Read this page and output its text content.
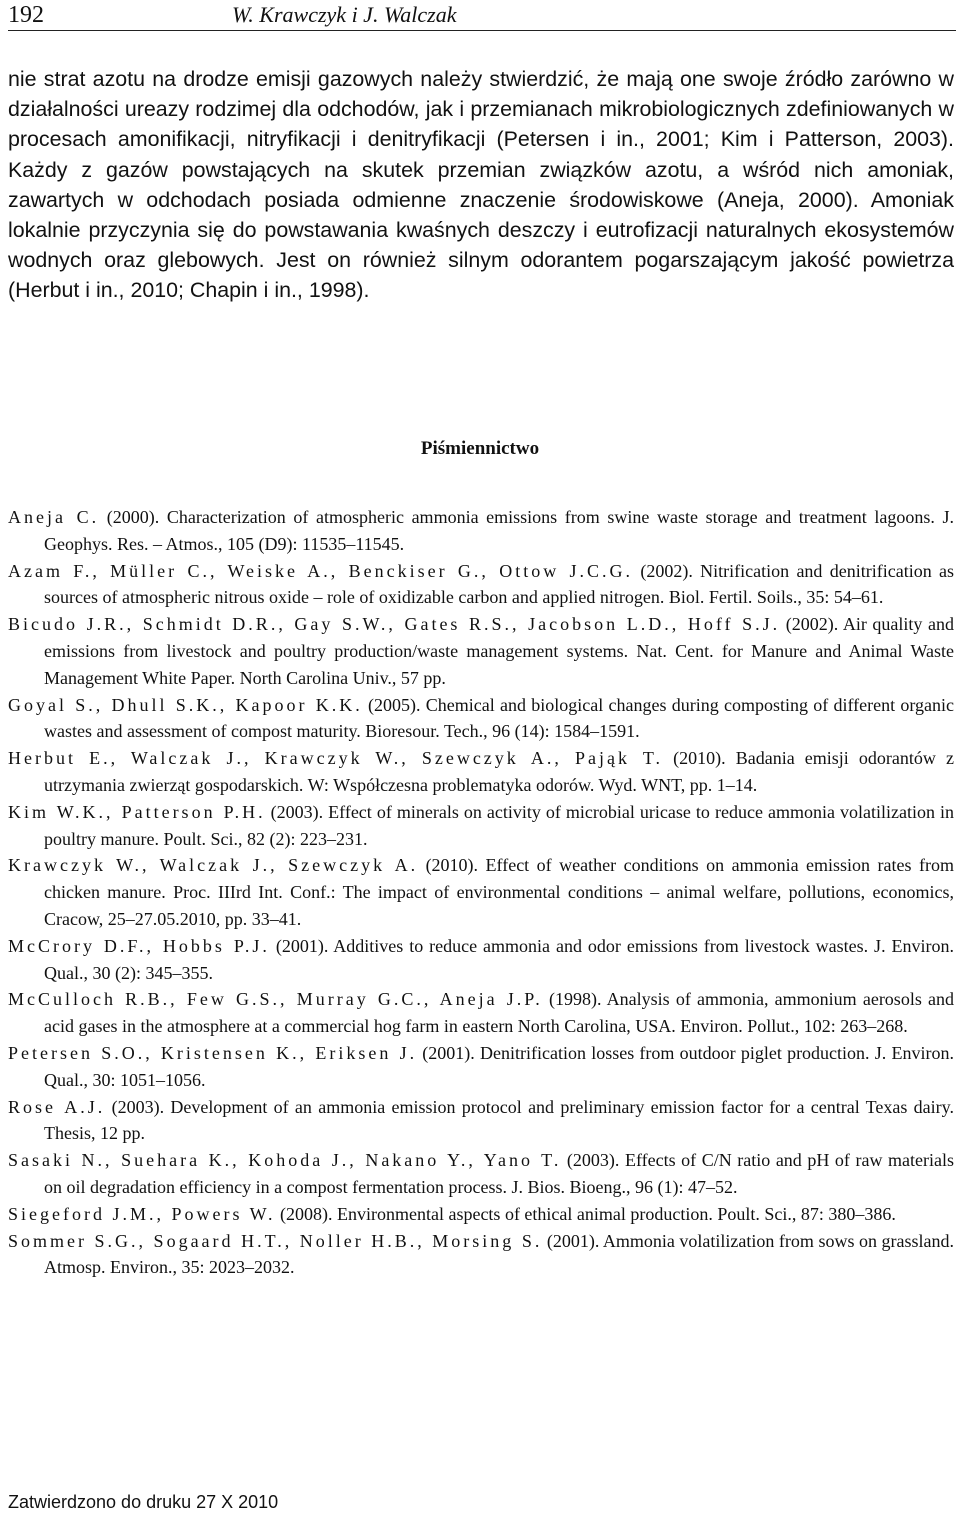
192	W. Krawczyk i J. Walczak

nie strat azotu na drodze emisji gazowych należy stwierdzić, że mają one swoje źródło zarówno w działalności ureazy rodzimej dla odchodów, jak i przemianach mikrobiologicznych zdefiniowanych w procesach amonifikacji, nitryfikacji i denitryfikacji (Petersen i in., 2001; Kim i Patterson, 2003). Każdy z gazów powstających na skutek przemian związków azotu, a wśród nich amoniak, zawartych w odchodach posiada odmienne znaczenie środowiskowe (Aneja, 2000). Amoniak lokalnie przyczynia się do powstawania kwaśnych deszczy i eutrofizacji naturalnych ekosystemów wodnych oraz glebowych. Jest on również silnym odorantem pogarszającym jakość powietrza (Herbut i in., 2010; Chapin i in., 1998).

Piśmiennictwo
Aneja C. (2000). Characterization of atmospheric ammonia emissions from swine waste storage and treatment lagoons. J. Geophys. Res. – Atmos., 105 (D9): 11535–11545.
Azam F., Müller C., Weiske A., Benckiser G., Ottow J.C.G. (2002). Nitrification and denitrification as sources of atmospheric nitrous oxide – role of oxidizable carbon and applied nitrogen. Biol. Fertil. Soils., 35: 54–61.
Bicudo J.R., Schmidt D.R., Gay S.W., Gates R.S., Jacobson L.D., Hoff S.J. (2002). Air quality and emissions from livestock and poultry production/waste management systems. Nat. Cent. for Manure and Animal Waste Management White Paper. North Carolina Univ., 57 pp.
Goyal S., Dhull S.K., Kapoor K.K. (2005). Chemical and biological changes during composting of different organic wastes and assessment of compost maturity. Bioresour. Tech., 96 (14): 1584–1591.
Herbut E., Walczak J., Krawczyk W., Szewczyk A., Pająk T. (2010). Badania emisji odorantów z utrzymania zwierząt gospodarskich. W: Współczesna problematyka odorów. Wyd. WNT, pp. 1–14.
Kim W.K., Patterson P.H. (2003). Effect of minerals on activity of microbial uricase to reduce ammonia volatilization in poultry manure. Poult. Sci., 82 (2): 223–231.
Krawczyk W., Walczak J., Szewczyk A. (2010). Effect of weather conditions on ammonia emission rates from chicken manure. Proc. IIIrd Int. Conf.: The impact of environmental conditions – animal welfare, pollutions, economics, Cracow, 25–27.05.2010, pp. 33–41.
McCrory D.F., Hobbs P.J. (2001). Additives to reduce ammonia and odor emissions from livestock wastes. J. Environ. Qual., 30 (2): 345–355.
McCulloch R.B., Few G.S., Murray G.C., Aneja J.P. (1998). Analysis of ammonia, ammonium aerosols and acid gases in the atmosphere at a commercial hog farm in eastern North Carolina, USA. Environ. Pollut., 102: 263–268.
Petersen S.O., Kristensen K., Eriksen J. (2001). Denitrification losses from outdoor piglet production. J. Environ. Qual., 30: 1051–1056.
Rose A.J. (2003). Development of an ammonia emission protocol and preliminary emission factor for a central Texas dairy. Thesis, 12 pp.
Sasaki N., Suehara K., Kohoda J., Nakano Y., Yano T. (2003). Effects of C/N ratio and pH of raw materials on oil degradation efficiency in a compost fermentation process. J. Bios. Bioeng., 96 (1): 47–52.
Siegeford J.M., Powers W. (2008). Environmental aspects of ethical animal production. Poult. Sci., 87: 380–386.
Sommer S.G., Sogaard H.T., Noller H.B., Morsing S. (2001). Ammonia volatilization from sows on grassland. Atmosp. Environ., 35: 2023–2032.
Zatwierdzono do druku 27 X 2010
